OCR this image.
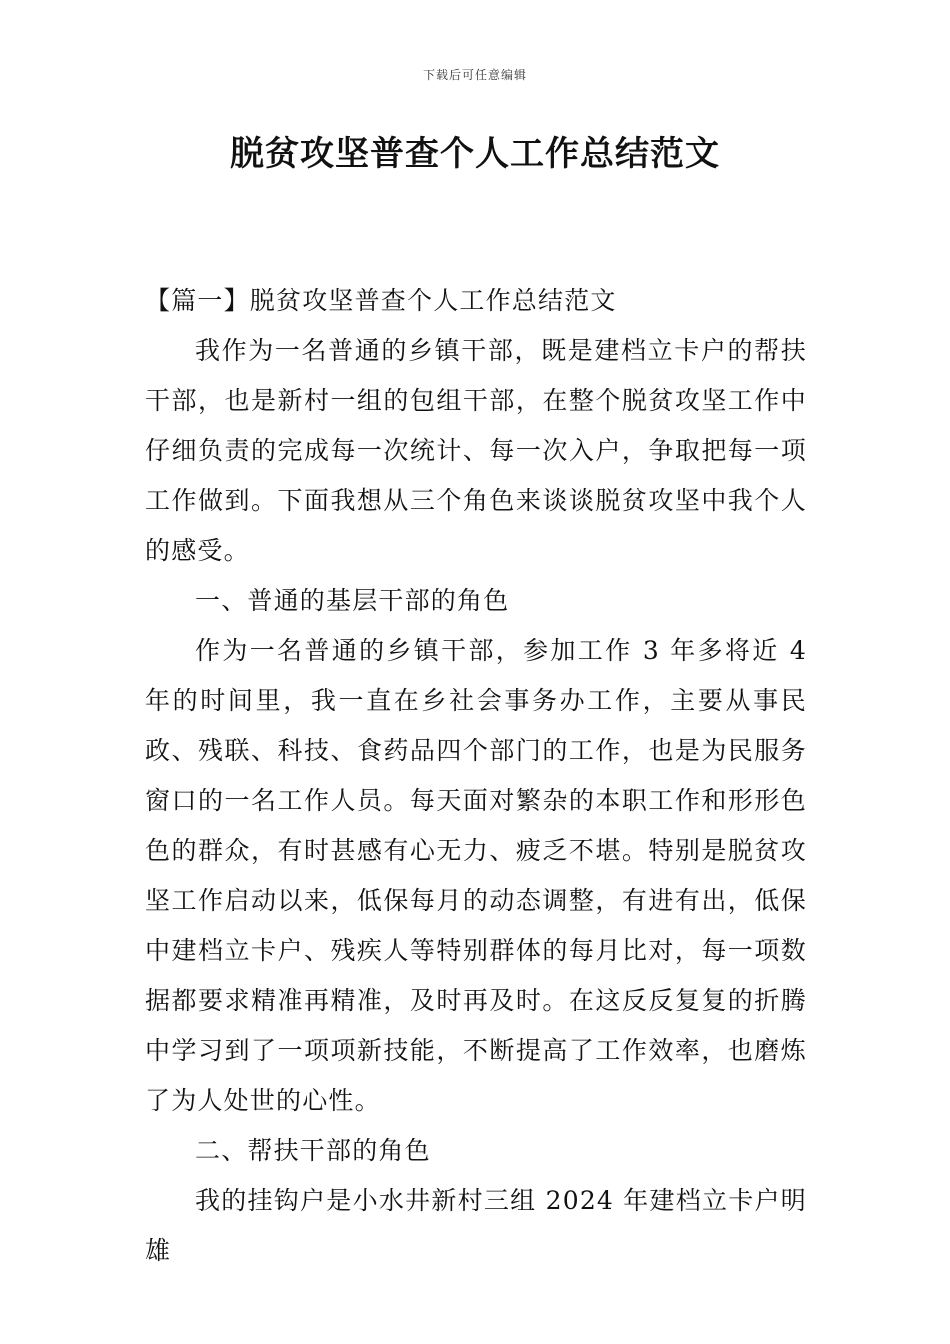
下载后可任意编辑
脱贫攻坚普查个人工作总结范文

【篇一】脱贫攻坚普查个人工作总结范文

我作为一名普通的乡镇干部，既是建档立卡户的帮扶干部，也是新村一组的包组干部，在整个脱贫攻坚工作中仔细负责的完成每一次统计、每一次入户，争取把每一项工作做到。下面我想从三个角色来谈谈脱贫攻坚中我个人的感受。

一、普通的基层干部的角色

作为一名普通的乡镇干部，参加工作 3 年多将近 4 年的时间里，我一直在乡社会事务办工作，主要从事民政、残联、科技、食药品四个部门的工作，也是为民服务窗口的一名工作人员。每天面对繁杂的本职工作和形形色色的群众，有时甚感有心无力、疲乏不堪。特别是脱贫攻坚工作启动以来，低保每月的动态调整，有进有出，低保中建档立卡户、残疾人等特别群体的每月比对，每一项数据都要求精准再精准，及时再及时。在这反反复复的折腾中学习到了一项项新技能，不断提高了工作效率，也磨炼了为人处世的心性。

二、帮扶干部的角色

我的挂钩户是小水井新村三组 2024 年建档立卡户明雄
